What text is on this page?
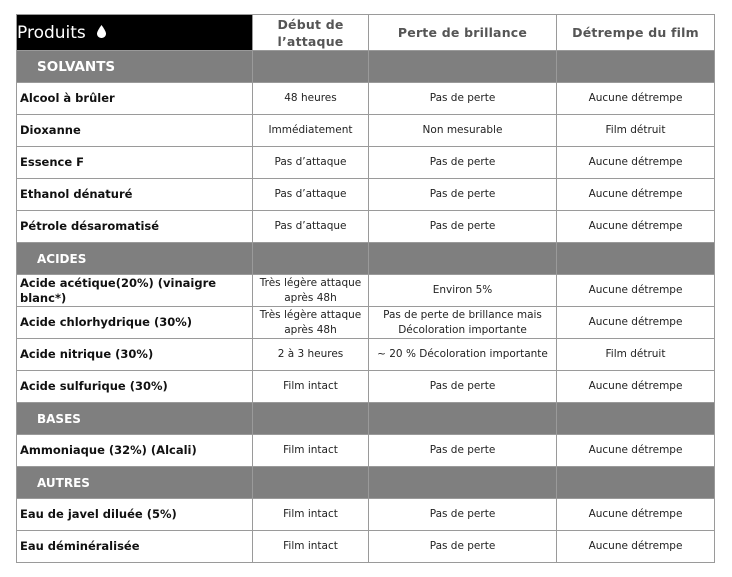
Produits	Début de l’attaque	Perte de brillance	Détrempe du film
SOLVANTS			
Alcool à brûler	48 heures	Pas de perte	Aucune détrempe
Dioxanne	Immédiatement	Non mesurable	Film détruit
Essence F	Pas d’attaque	Pas de perte	Aucune détrempe
Ethanol dénaturé	Pas d’attaque	Pas de perte	Aucune détrempe
Pétrole désaromatisé	Pas d’attaque	Pas de perte	Aucune détrempe
ACIDES			
Acide acétique(20%) (vinaigre blanc*)	Très légère attaque après 48h	Environ 5%	Aucune détrempe
Acide chlorhydrique (30%)	Très légère attaque après 48h	Pas de perte de brillance mais Décoloration importante	Aucune détrempe
Acide nitrique (30%)	2 à 3 heures	~ 20 % Décoloration importante	Film détruit
Acide sulfurique (30%)	Film intact	Pas de perte	Aucune détrempe
BASES			
Ammoniaque (32%) (Alcali)	Film intact	Pas de perte	Aucune détrempe
AUTRES			
Eau de javel diluée (5%)	Film intact	Pas de perte	Aucune détrempe
Eau déminéralisée	Film intact	Pas de perte	Aucune détrempe
